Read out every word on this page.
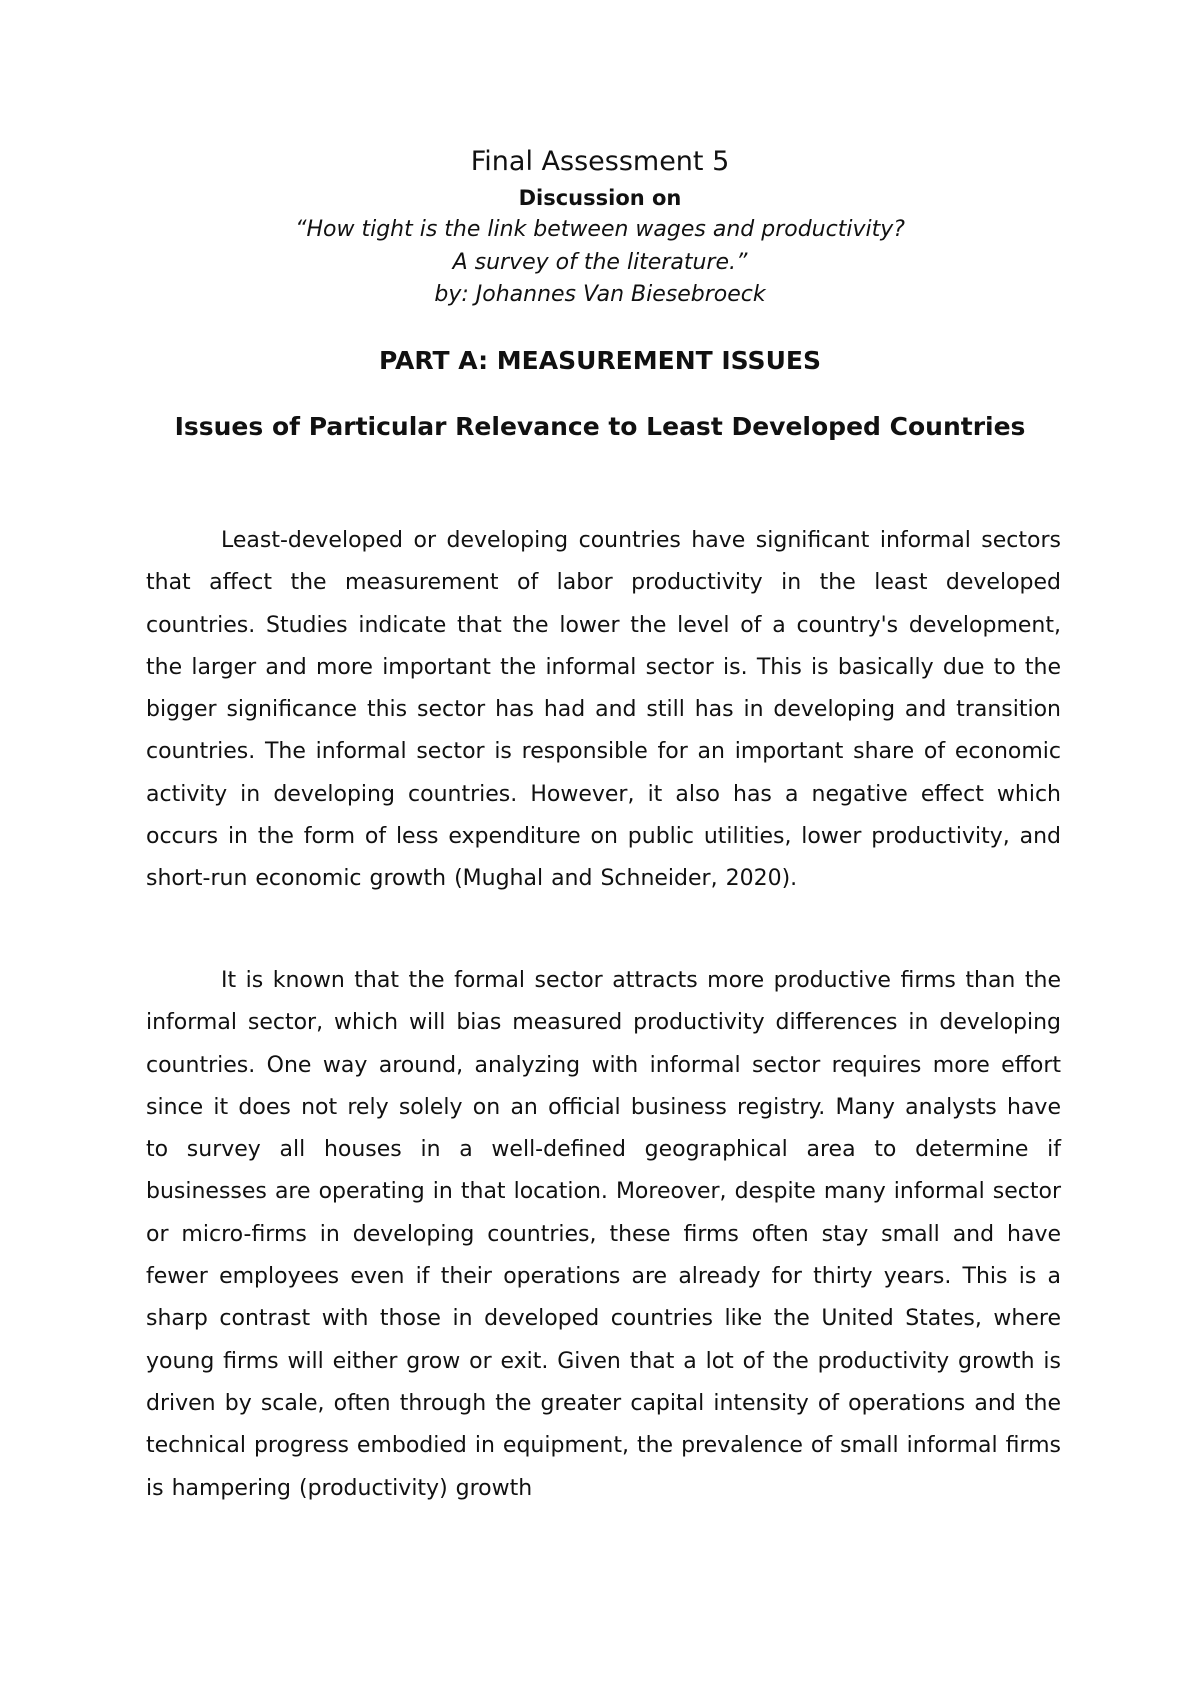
Final Assessment 5
Discussion on
“How tight is the link between wages and productivity?
A survey of the literature.”
by: Johannes Van Biesebroeck
PART A: MEASUREMENT ISSUES
Issues of Particular Relevance to Least Developed Countries

Least-developed or developing countries have significant informal sectors that affect the measurement of labor productivity in the least developed countries. Studies indicate that the lower the level of a country's development, the larger and more important the informal sector is. This is basically due to the bigger significance this sector has had and still has in developing and transition countries. The informal sector is responsible for an important share of economic activity in developing countries. However, it also has a negative effect which occurs in the form of less expenditure on public utilities, lower productivity, and short-run economic growth (Mughal and Schneider, 2020).

It is known that the formal sector attracts more productive firms than the informal sector, which will bias measured productivity differences in developing countries. One way around, analyzing with informal sector requires more effort since it does not rely solely on an official business registry. Many analysts have to survey all houses in a well-defined geographical area to determine if businesses are operating in that location. Moreover, despite many informal sector or micro-firms in developing countries, these firms often stay small and have fewer employees even if their operations are already for thirty years. This is a sharp contrast with those in developed countries like the United States, where young firms will either grow or exit. Given that a lot of the productivity growth is driven by scale, often through the greater capital intensity of operations and the technical progress embodied in equipment, the prevalence of small informal firms is hampering (productivity) growth
